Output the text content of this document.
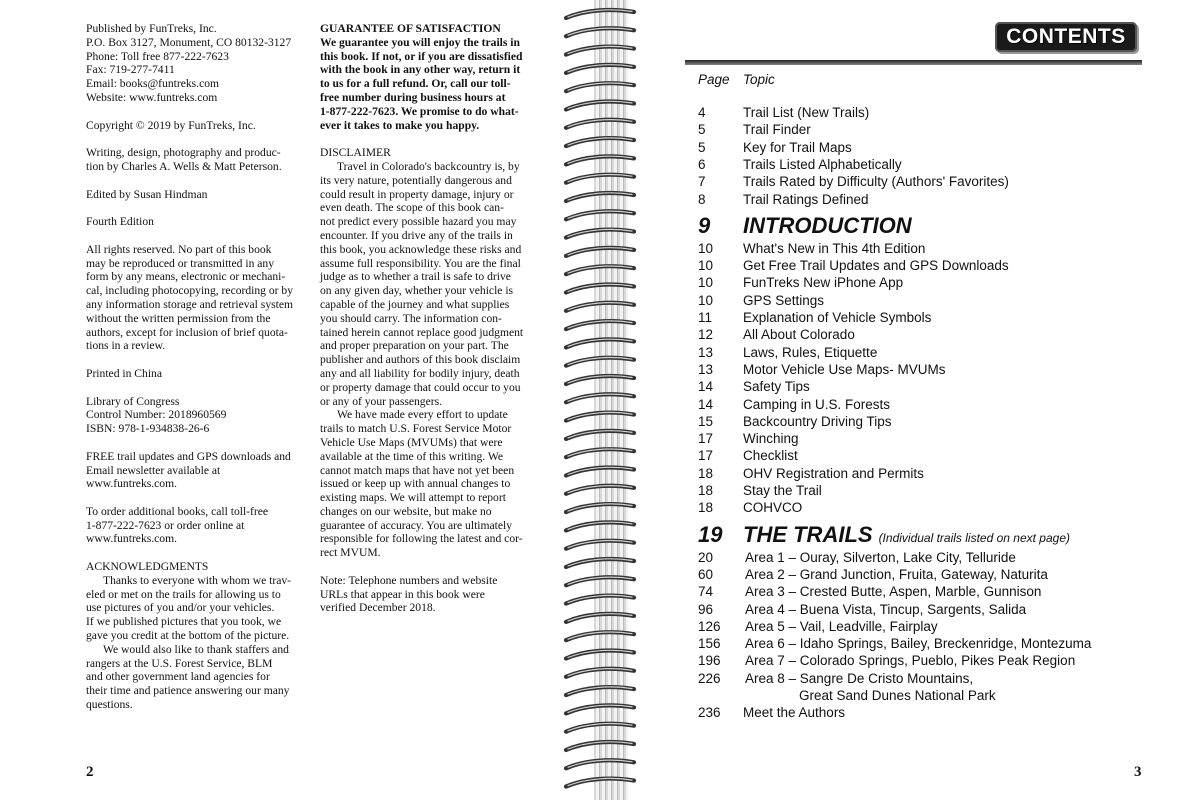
Published by FunTreks, Inc.

P.O. Box 3127, Monument, CO 80132-3127

Phone: Toll free 877-222-7623

Fax: 719-277-7411

Email: books@funtreks.com

Website: www.funtreks.com

Copyright © 2019 by FunTreks, Inc.

Writing, design, photography and produc-

tion by Charles A. Wells & Matt Peterson.

Edited by Susan Hindman

Fourth Edition

All rights reserved. No part of this book

may be reproduced or transmitted in any

form by any means, electronic or mechani-

cal, including photocopying, recording or by

any information storage and retrieval system

without the written permission from the

authors, except for inclusion of brief quota-

tions in a review.

Printed in China

Library of Congress

Control Number: 2018960569

ISBN: 978-1-934838-26-6

FREE trail updates and GPS downloads and

Email newsletter available at

www.funtreks.com.

To order additional books, call toll-free

1-877-222-7623 or order online at

www.funtreks.com.

ACKNOWLEDGMENTS

Thanks to everyone with whom we trav-

eled or met on the trails for allowing us to

use pictures of you and/or your vehicles.

If we published pictures that you took, we

gave you credit at the bottom of the picture.

We would also like to thank staffers and

rangers at the U.S. Forest Service, BLM

and other government land agencies for

their time and patience answering our many

questions.

GUARANTEE OF SATISFACTION

We guarantee you will enjoy the trails in

this book. If not, or if you are dissatisfied

with the book in any other way, return it

to us for a full refund. Or, call our toll-

free number during business hours at

1-877-222-7623. We promise to do what-

ever it takes to make you happy.

DISCLAIMER

Travel in Colorado's backcountry is, by

its very nature, potentially dangerous and

could result in property damage, injury or

even death. The scope of this book can-

not predict every possible hazard you may

encounter. If you drive any of the trails in

this book, you acknowledge these risks and

assume full responsibility. You are the final

judge as to whether a trail is safe to drive

on any given day, whether your vehicle is

capable of the journey and what supplies

you should carry. The information con-

tained herein cannot replace good judgment

and proper preparation on your part. The

publisher and authors of this book disclaim

any and all liability for bodily injury, death

or property damage that could occur to you

or any of your passengers.

We have made every effort to update

trails to match U.S. Forest Service Motor

Vehicle Use Maps (MVUMs) that were

available at the time of this writing. We

cannot match maps that have not yet been

issued or keep up with annual changes to

existing maps. We will attempt to report

changes on our website, but make no

guarantee of accuracy. You are ultimately

responsible for following the latest and cor-

rect MVUM.

Note: Telephone numbers and website

URLs that appear in this book were

verified December 2018.

2
CONTENTS
Page Topic
4	Trail List (New Trails)
5	Trail Finder
5	Key for Trail Maps
6	Trails Listed Alphabetically
7	Trails Rated by Difficulty (Authors' Favorites)
8	Trail Ratings Defined
9 INTRODUCTION
10	What's New in This 4th Edition
10	Get Free Trail Updates and GPS Downloads
10	FunTreks New iPhone App
10	GPS Settings
11	Explanation of Vehicle Symbols
12	All About Colorado
13	Laws, Rules, Etiquette
13	Motor Vehicle Use Maps- MVUMs
14	Safety Tips
14	Camping in U.S. Forests
15	Backcountry Driving Tips
17	Winching
17	Checklist
18	OHV Registration and Permits
18	Stay the Trail
18	COHVCO
19 THE TRAILS (Individual trails listed on next page)
20	Area 1 – Ouray, Silverton, Lake City, Telluride
60	Area 2 – Grand Junction, Fruita, Gateway, Naturita
74	Area 3 – Crested Butte, Aspen, Marble, Gunnison
96	Area 4 – Buena Vista, Tincup, Sargents, Salida
126	Area 5 – Vail, Leadville, Fairplay
156	Area 6 – Idaho Springs, Bailey, Breckenridge, Montezuma
196	Area 7 – Colorado Springs, Pueblo, Pikes Peak Region
226	Area 8 – Sangre De Cristo Mountains,
Great Sand Dunes National Park
236	Meet the Authors
3
